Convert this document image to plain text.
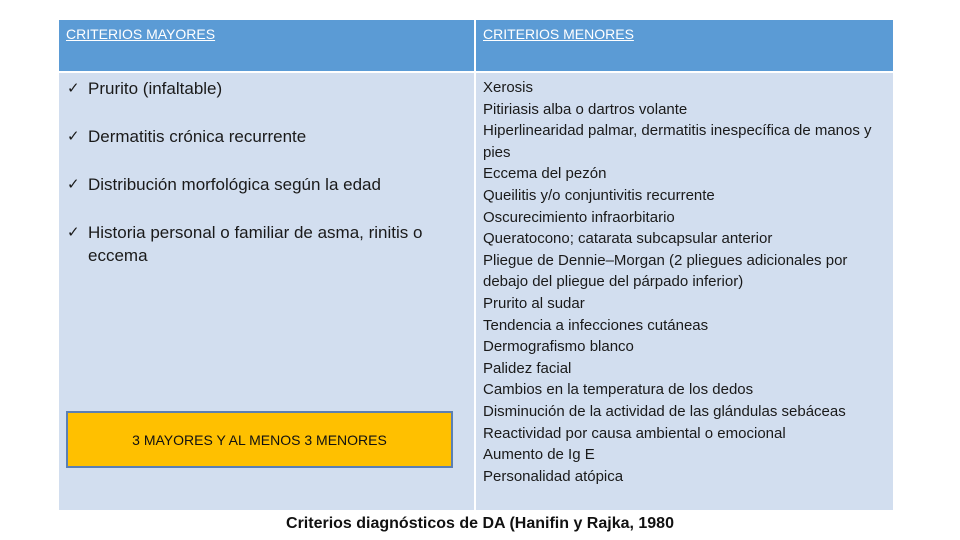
CRITERIOS MAYORES	CRITERIOS MENORES
✓ Prurito (infaltable)
✓ Dermatitis crónica recurrente
✓ Distribución morfológica según la edad
✓ Historia personal o familiar de asma, rinitis o eccema
3 MAYORES Y AL MENOS 3 MENORES
Xerosis
Pitiriasis alba o dartros volante
Hiperlinearidad palmar, dermatitis inespecífica de manos y pies
Eccema del pezón
Queilitis y/o conjuntivitis recurrente
Oscurecimiento infraorbitario
Queratocono; catarata subcapsular anterior
Pliegue de Dennie–Morgan (2 pliegues adicionales por debajo del pliegue del párpado inferior)
Prurito al sudar
Tendencia a infecciones cutáneas
Dermografismo blanco
Palidez facial
Cambios en la temperatura de los dedos
Disminución de la actividad de las glándulas sebáceas
Reactividad por causa ambiental o emocional
Aumento de Ig E
Personalidad atópica
Criterios diagnósticos de DA (Hanifin y Rajka, 1980
